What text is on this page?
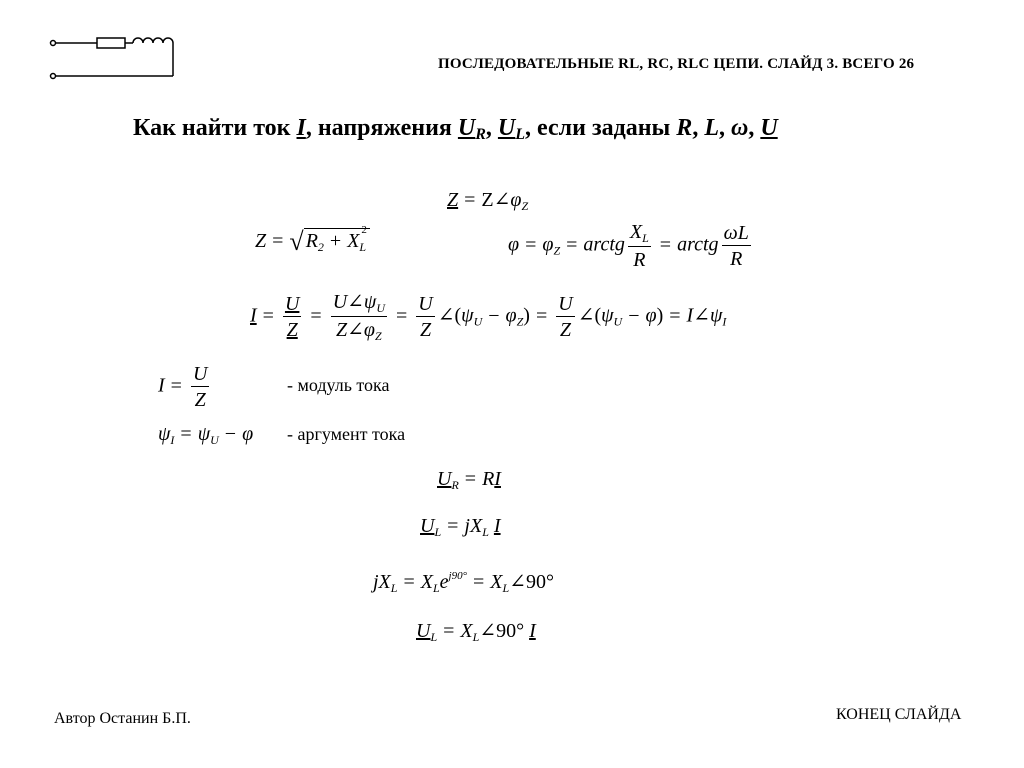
ПОСЛЕДОВАТЕЛЬНЫЕ RL, RC, RLC ЦЕПИ. СЛАЙД 3. ВСЕГО 26
Как найти ток I, напряжения UR, UL, если заданы R, L, ω, U
$Z = Z\angle\varphi_Z$
Z = √ $R_2 + X_{L 2}$
$\varphi = \varphi_Z$ = arctg $\frac{X_L}{R}$ = arctg $\frac{\omega L}{R}$
$I = \frac{U}{Z} = \frac{U\angle\psi_U}{Z\angle\varphi_Z} = \frac{U}{Z}$ $\angle(\psi_U - \varphi_Z) = \frac{U}{Z}$ $\angle(\psi_U - \varphi)$ = $I\angle\psi_I$
$I = \frac{U}{Z}$	- модуль тока
$\psi_I = \psi_U - \varphi$ - аргумент тока
$U_R$ = RI
$U_L = jX_L$ I
$jX_L = X_Le^{j90^\circ}$ = $X_L\angle 90^\circ$
$U_L$ = $X_L\angle 90^\circ$ I
Автор Останин Б.П.	КОНЕЦ СЛАЙДА
